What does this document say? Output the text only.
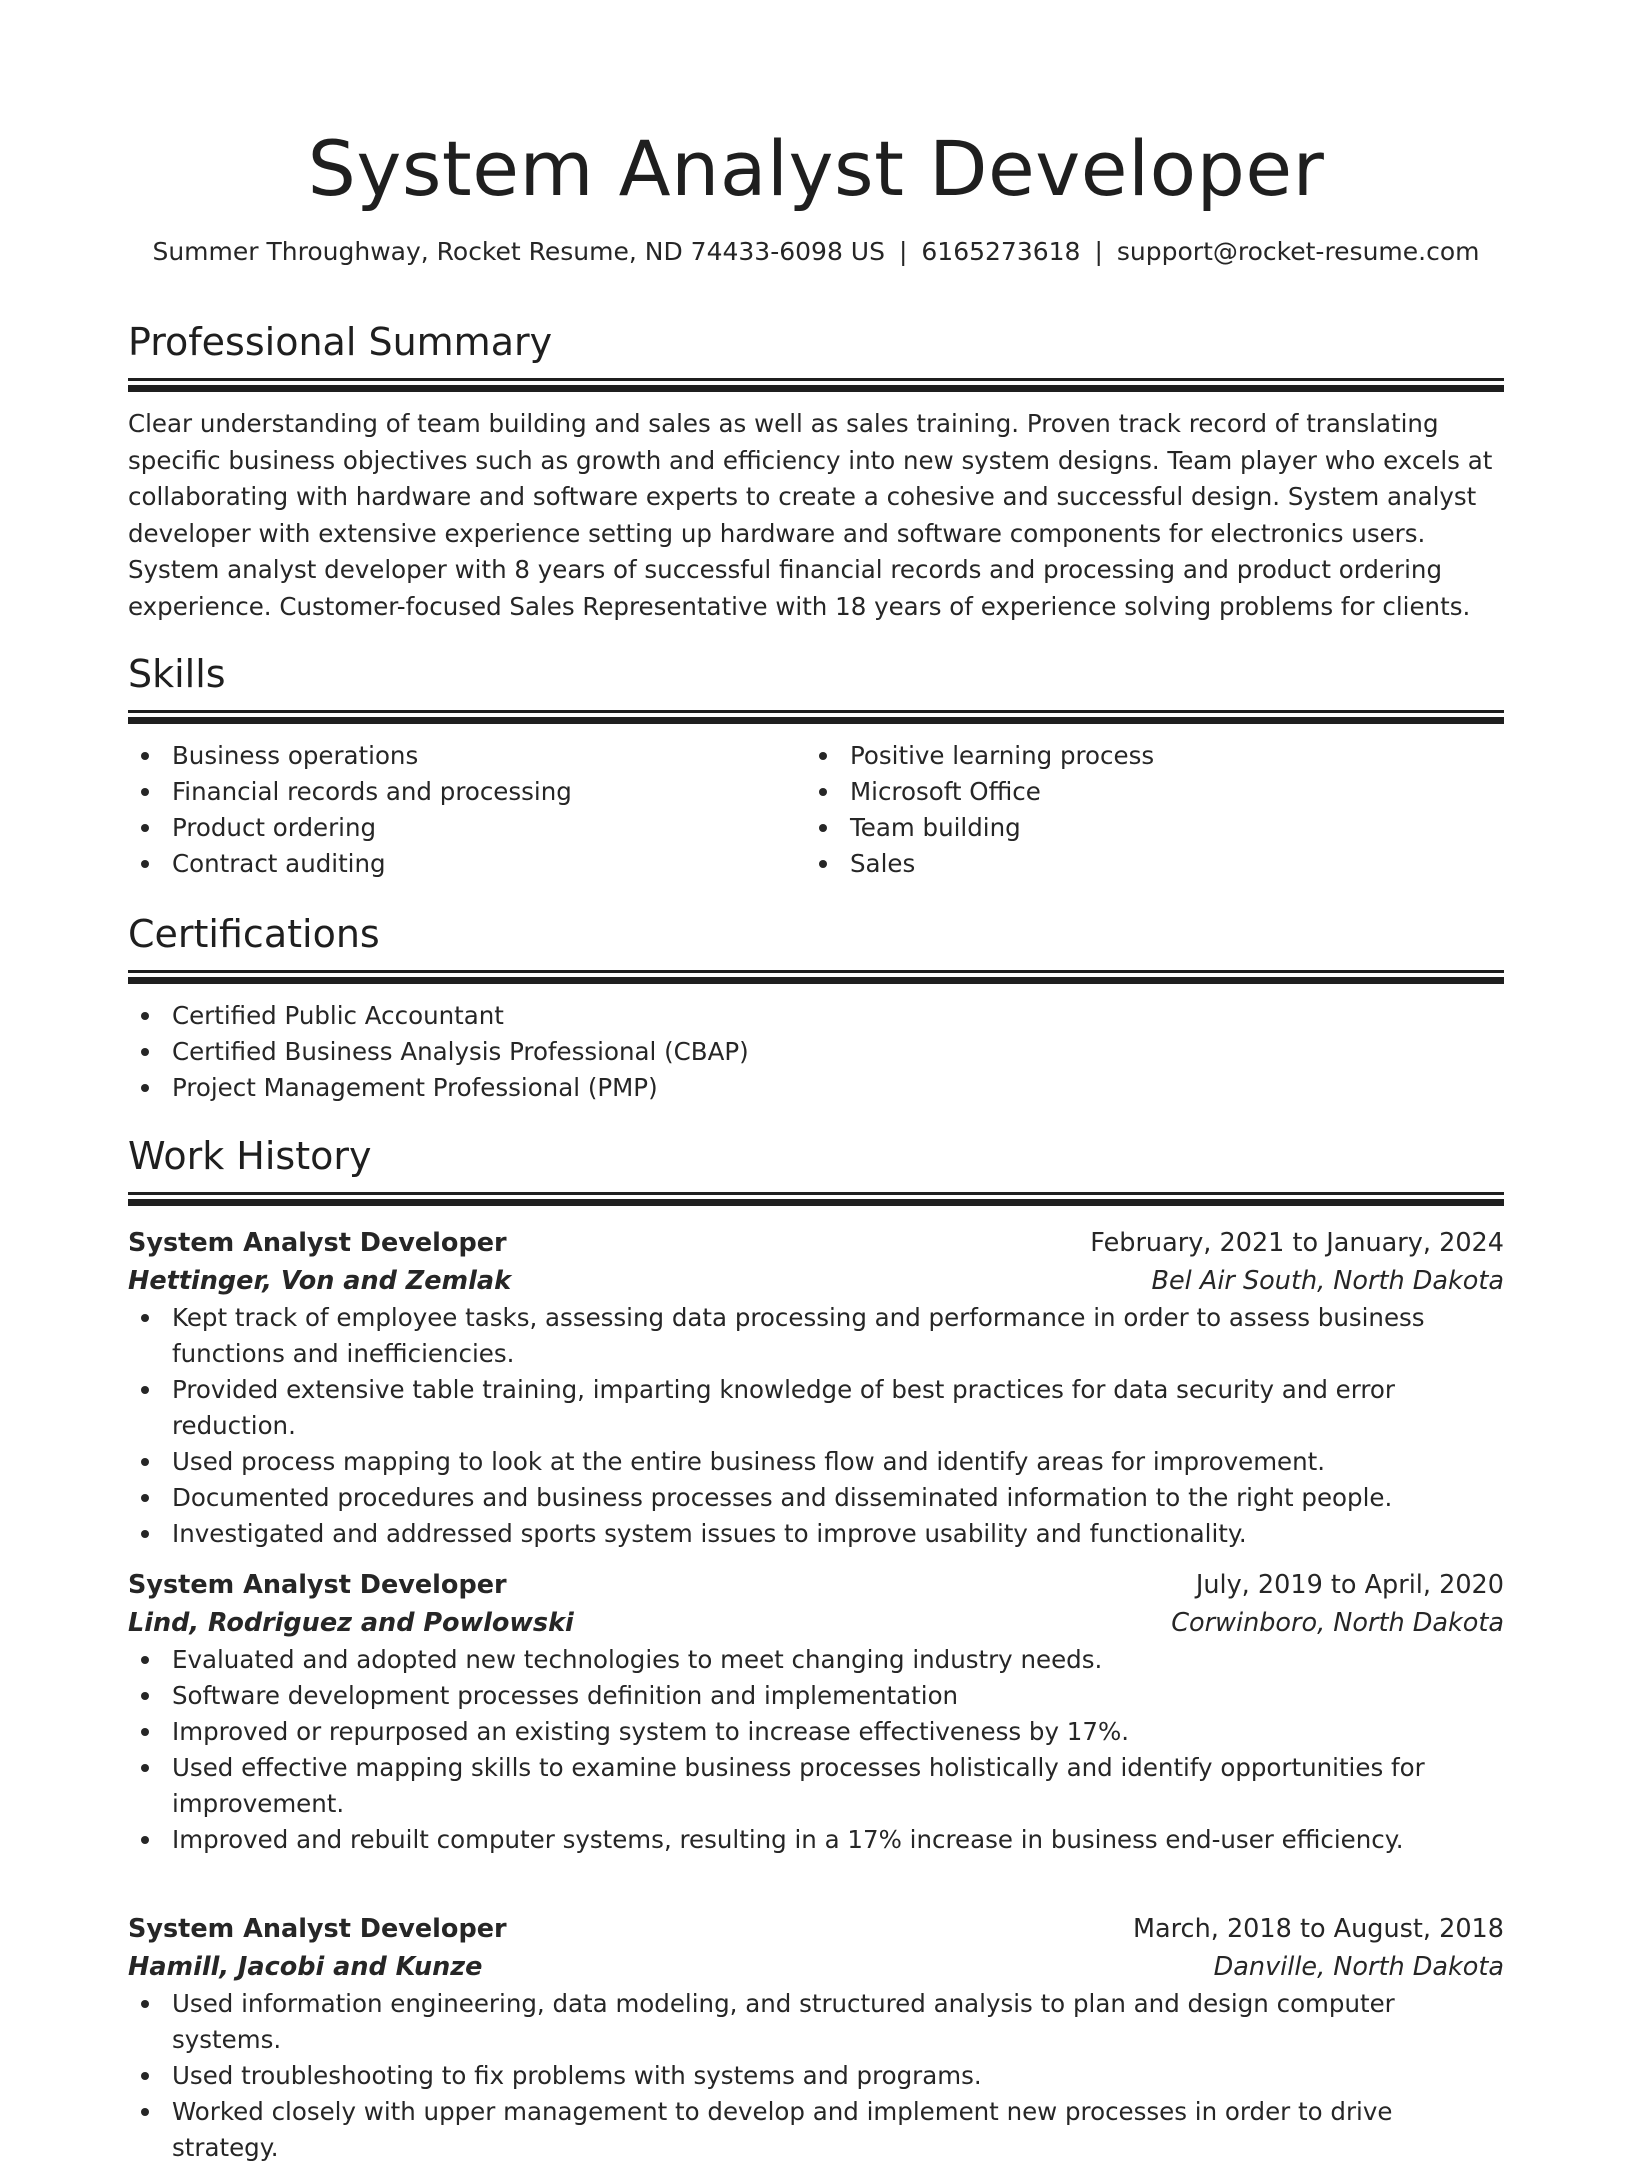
System Analyst Developer
Summer Throughway, Rocket Resume, ND 74433-6098 US | 6165273618 | support@rocket-resume.com
Professional Summary
Clear understanding of team building and sales as well as sales training. Proven track record of translating specific business objectives such as growth and efficiency into new system designs. Team player who excels at collaborating with hardware and software experts to create a cohesive and successful design. System analyst developer with extensive experience setting up hardware and software components for electronics users. System analyst developer with 8 years of successful financial records and processing and product ordering experience. Customer-focused Sales Representative with 18 years of experience solving problems for clients.
Skills
Business operations
Financial records and processing
Product ordering
Contract auditing
Positive learning process
Microsoft Office
Team building
Sales
Certifications
Certified Public Accountant
Certified Business Analysis Professional (CBAP)
Project Management Professional (PMP)
Work History
System Analyst Developer	February, 2021 to January, 2024
Hettinger, Von and Zemlak	Bel Air South, North Dakota
Kept track of employee tasks, assessing data processing and performance in order to assess business functions and inefficiencies.
Provided extensive table training, imparting knowledge of best practices for data security and error reduction.
Used process mapping to look at the entire business flow and identify areas for improvement.
Documented procedures and business processes and disseminated information to the right people.
Investigated and addressed sports system issues to improve usability and functionality.
System Analyst Developer	July, 2019 to April, 2020
Lind, Rodriguez and Powlowski	Corwinboro, North Dakota
Evaluated and adopted new technologies to meet changing industry needs.
Software development processes definition and implementation
Improved or repurposed an existing system to increase effectiveness by 17%.
Used effective mapping skills to examine business processes holistically and identify opportunities for improvement.
Improved and rebuilt computer systems, resulting in a 17% increase in business end-user efficiency.
System Analyst Developer	March, 2018 to August, 2018
Hamill, Jacobi and Kunze	Danville, North Dakota
Used information engineering, data modeling, and structured analysis to plan and design computer systems.
Used troubleshooting to fix problems with systems and programs.
Worked closely with upper management to develop and implement new processes in order to drive strategy.
